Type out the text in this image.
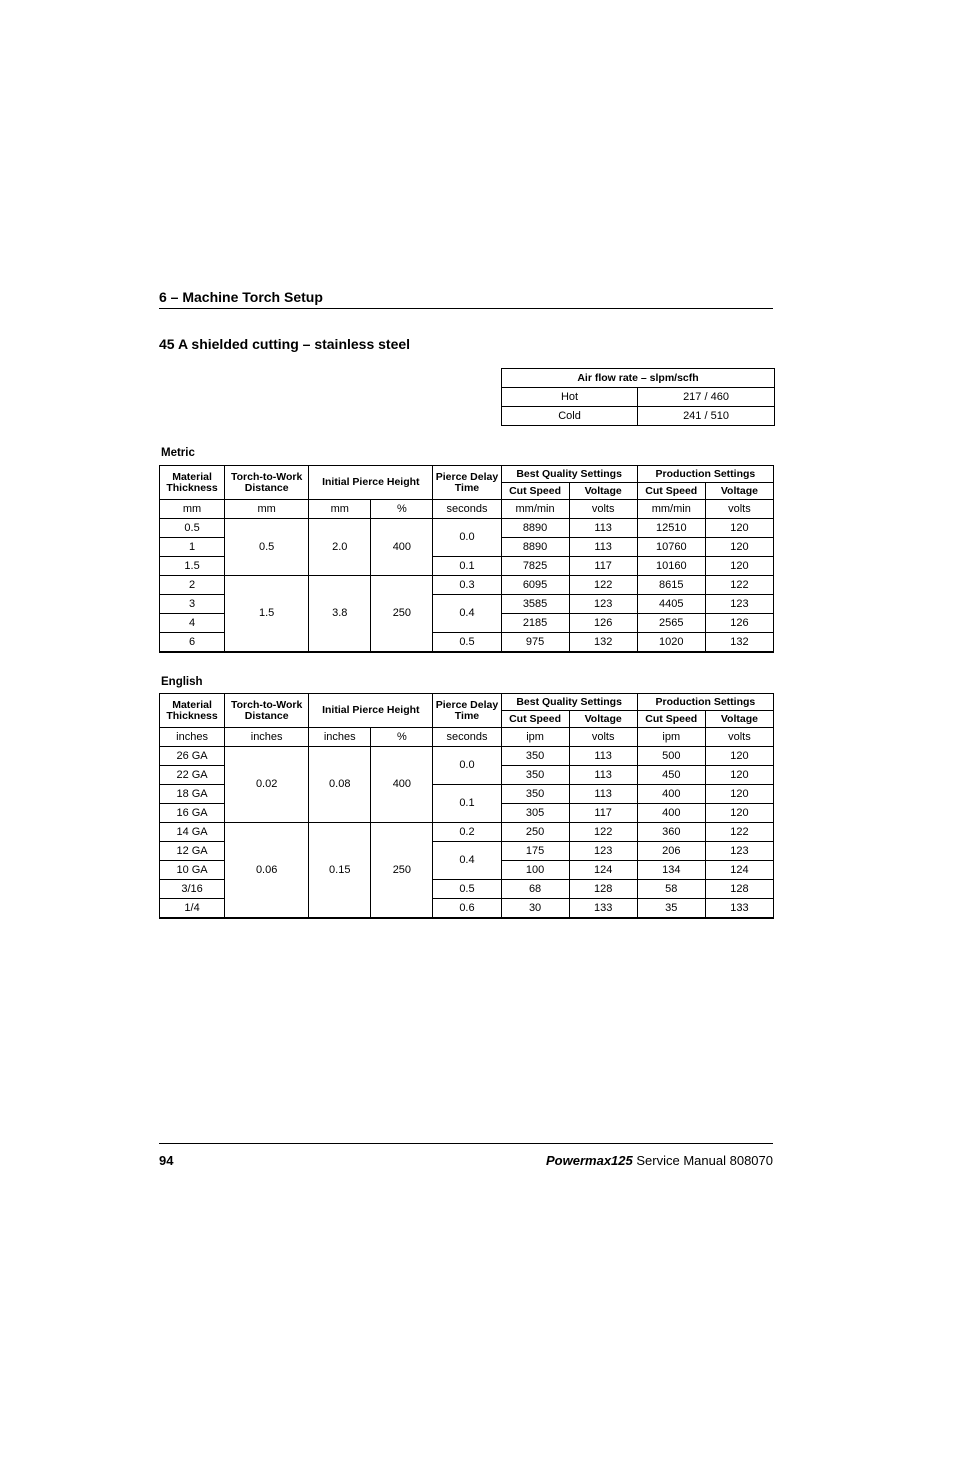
6 – Machine Torch Setup
45 A shielded cutting – stainless steel
Air flow rate – slpm/scfh	
Hot	217 / 460
Cold	241 / 510
Metric
Material Thickness	Torch-to-Work Distance	Initial Pierce Height		Pierce Delay Time	Best Quality Settings		Production Settings	
					Cut Speed	Voltage	Cut Speed	Voltage
mm	mm	mm	%	seconds	mm/min	volts	mm/min	volts
0.5	0.5	2.0	400	0.0	8890	113	12510	120
1					8890	113	10760	120
1.5				0.1	7825	117	10160	120
2	1.5	3.8	250	0.3	6095	122	8615	122
3				0.4	3585	123	4405	123
4					2185	126	2565	126
6				0.5	975	132	1020	132
English
Material Thickness	Torch-to-Work Distance	Initial Pierce Height		Pierce Delay Time	Best Quality Settings		Production Settings	
					Cut Speed	Voltage	Cut Speed	Voltage
inches	inches	inches	%	seconds	ipm	volts	ipm	volts
26 GA	0.02	0.08	400	0.0	350	113	500	120
22 GA					350	113	450	120
18 GA				0.1	350	113	400	120
16 GA					305	117	400	120
14 GA	0.06	0.15	250	0.2	250	122	360	122
12 GA				0.4	175	123	206	123
10 GA					100	124	134	124
3/16				0.5	68	128	58	128
1/4				0.6	30	133	35	133
94	Powermax125 Service Manual 808070
